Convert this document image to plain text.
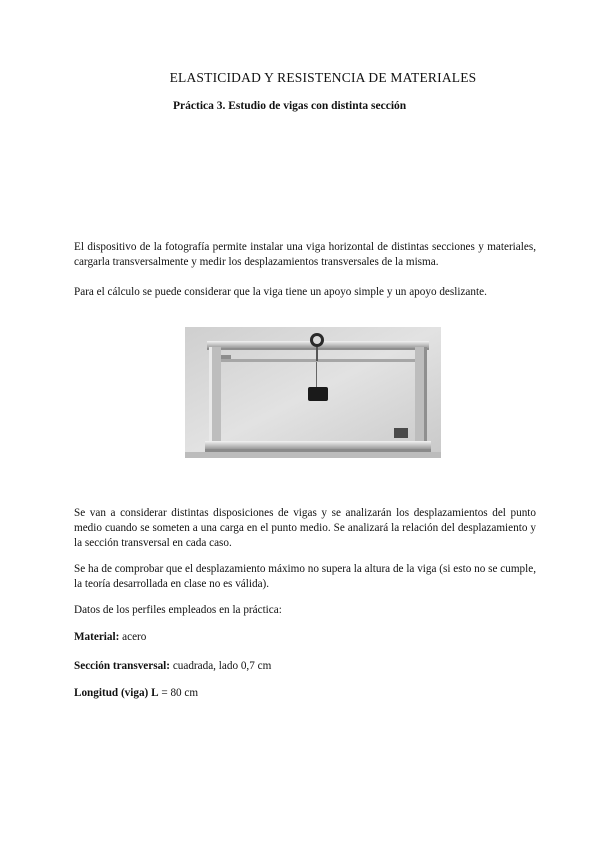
ELASTICIDAD Y RESISTENCIA DE MATERIALES
Práctica 3. Estudio de vigas con distinta sección

El dispositivo de la fotografía permite instalar una viga horizontal de distintas secciones y materiales, cargarla transversalmente y medir los desplazamientos transversales de la misma.

Para el cálculo se puede considerar que la viga tiene un apoyo simple y un apoyo deslizante.

Se van a considerar distintas disposiciones de vigas y se analizarán los desplazamientos del punto medio cuando se someten a una carga en el punto medio. Se analizará la relación del desplazamiento y la sección transversal en cada caso.

Se ha de comprobar que el desplazamiento máximo no supera la altura de la viga (si esto no se cumple, la teoría desarrollada en clase no es válida).

Datos de los perfiles empleados en la práctica:

Material: acero

Sección transversal: cuadrada, lado 0,7 cm

Longitud (viga) L = 80 cm
